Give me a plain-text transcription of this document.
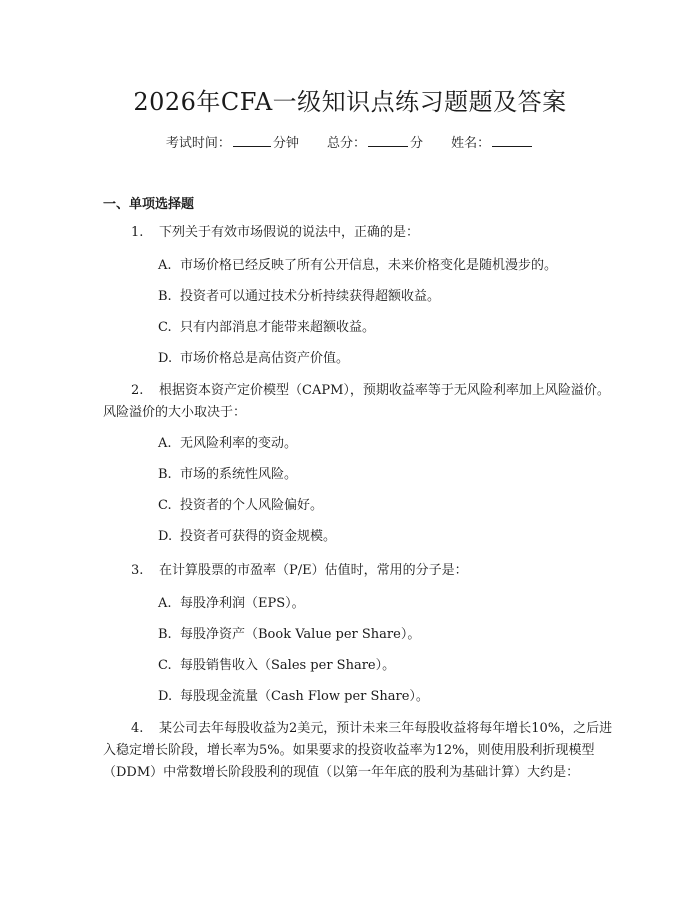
2026年CFA一级知识点练习题题及答案
考试时间：	分钟 总分：	分 姓名：
一、单项选择题
1. 下列关于有效市场假说的说法中，正确的是：
A. 市场价格已经反映了所有公开信息，未来价格变化是随机漫步的。
B. 投资者可以通过技术分析持续获得超额收益。
C. 只有内部消息才能带来超额收益。
D. 市场价格总是高估资产价值。
2. 根据资本资产定价模型（CAPM），预期收益率等于无风险利率加上风险溢价。风险溢价的大小取决于：
A. 无风险利率的变动。
B. 市场的系统性风险。
C. 投资者的个人风险偏好。
D. 投资者可获得的资金规模。
3. 在计算股票的市盈率（P/E）估值时，常用的分子是：
A. 每股净利润（EPS）。
B. 每股净资产（Book Value per Share）。
C. 每股销售收入（Sales per Share）。
D. 每股现金流量（Cash Flow per Share）。
4. 某公司去年每股收益为2美元，预计未来三年每股收益将每年增长10%，之后进入稳定增长阶段，增长率为5%。如果要求的投资收益率为12%，则使用股利折现模型（DDM）中常数增长阶段股利的现值（以第一年年底的股利为基础计算）大约是：
